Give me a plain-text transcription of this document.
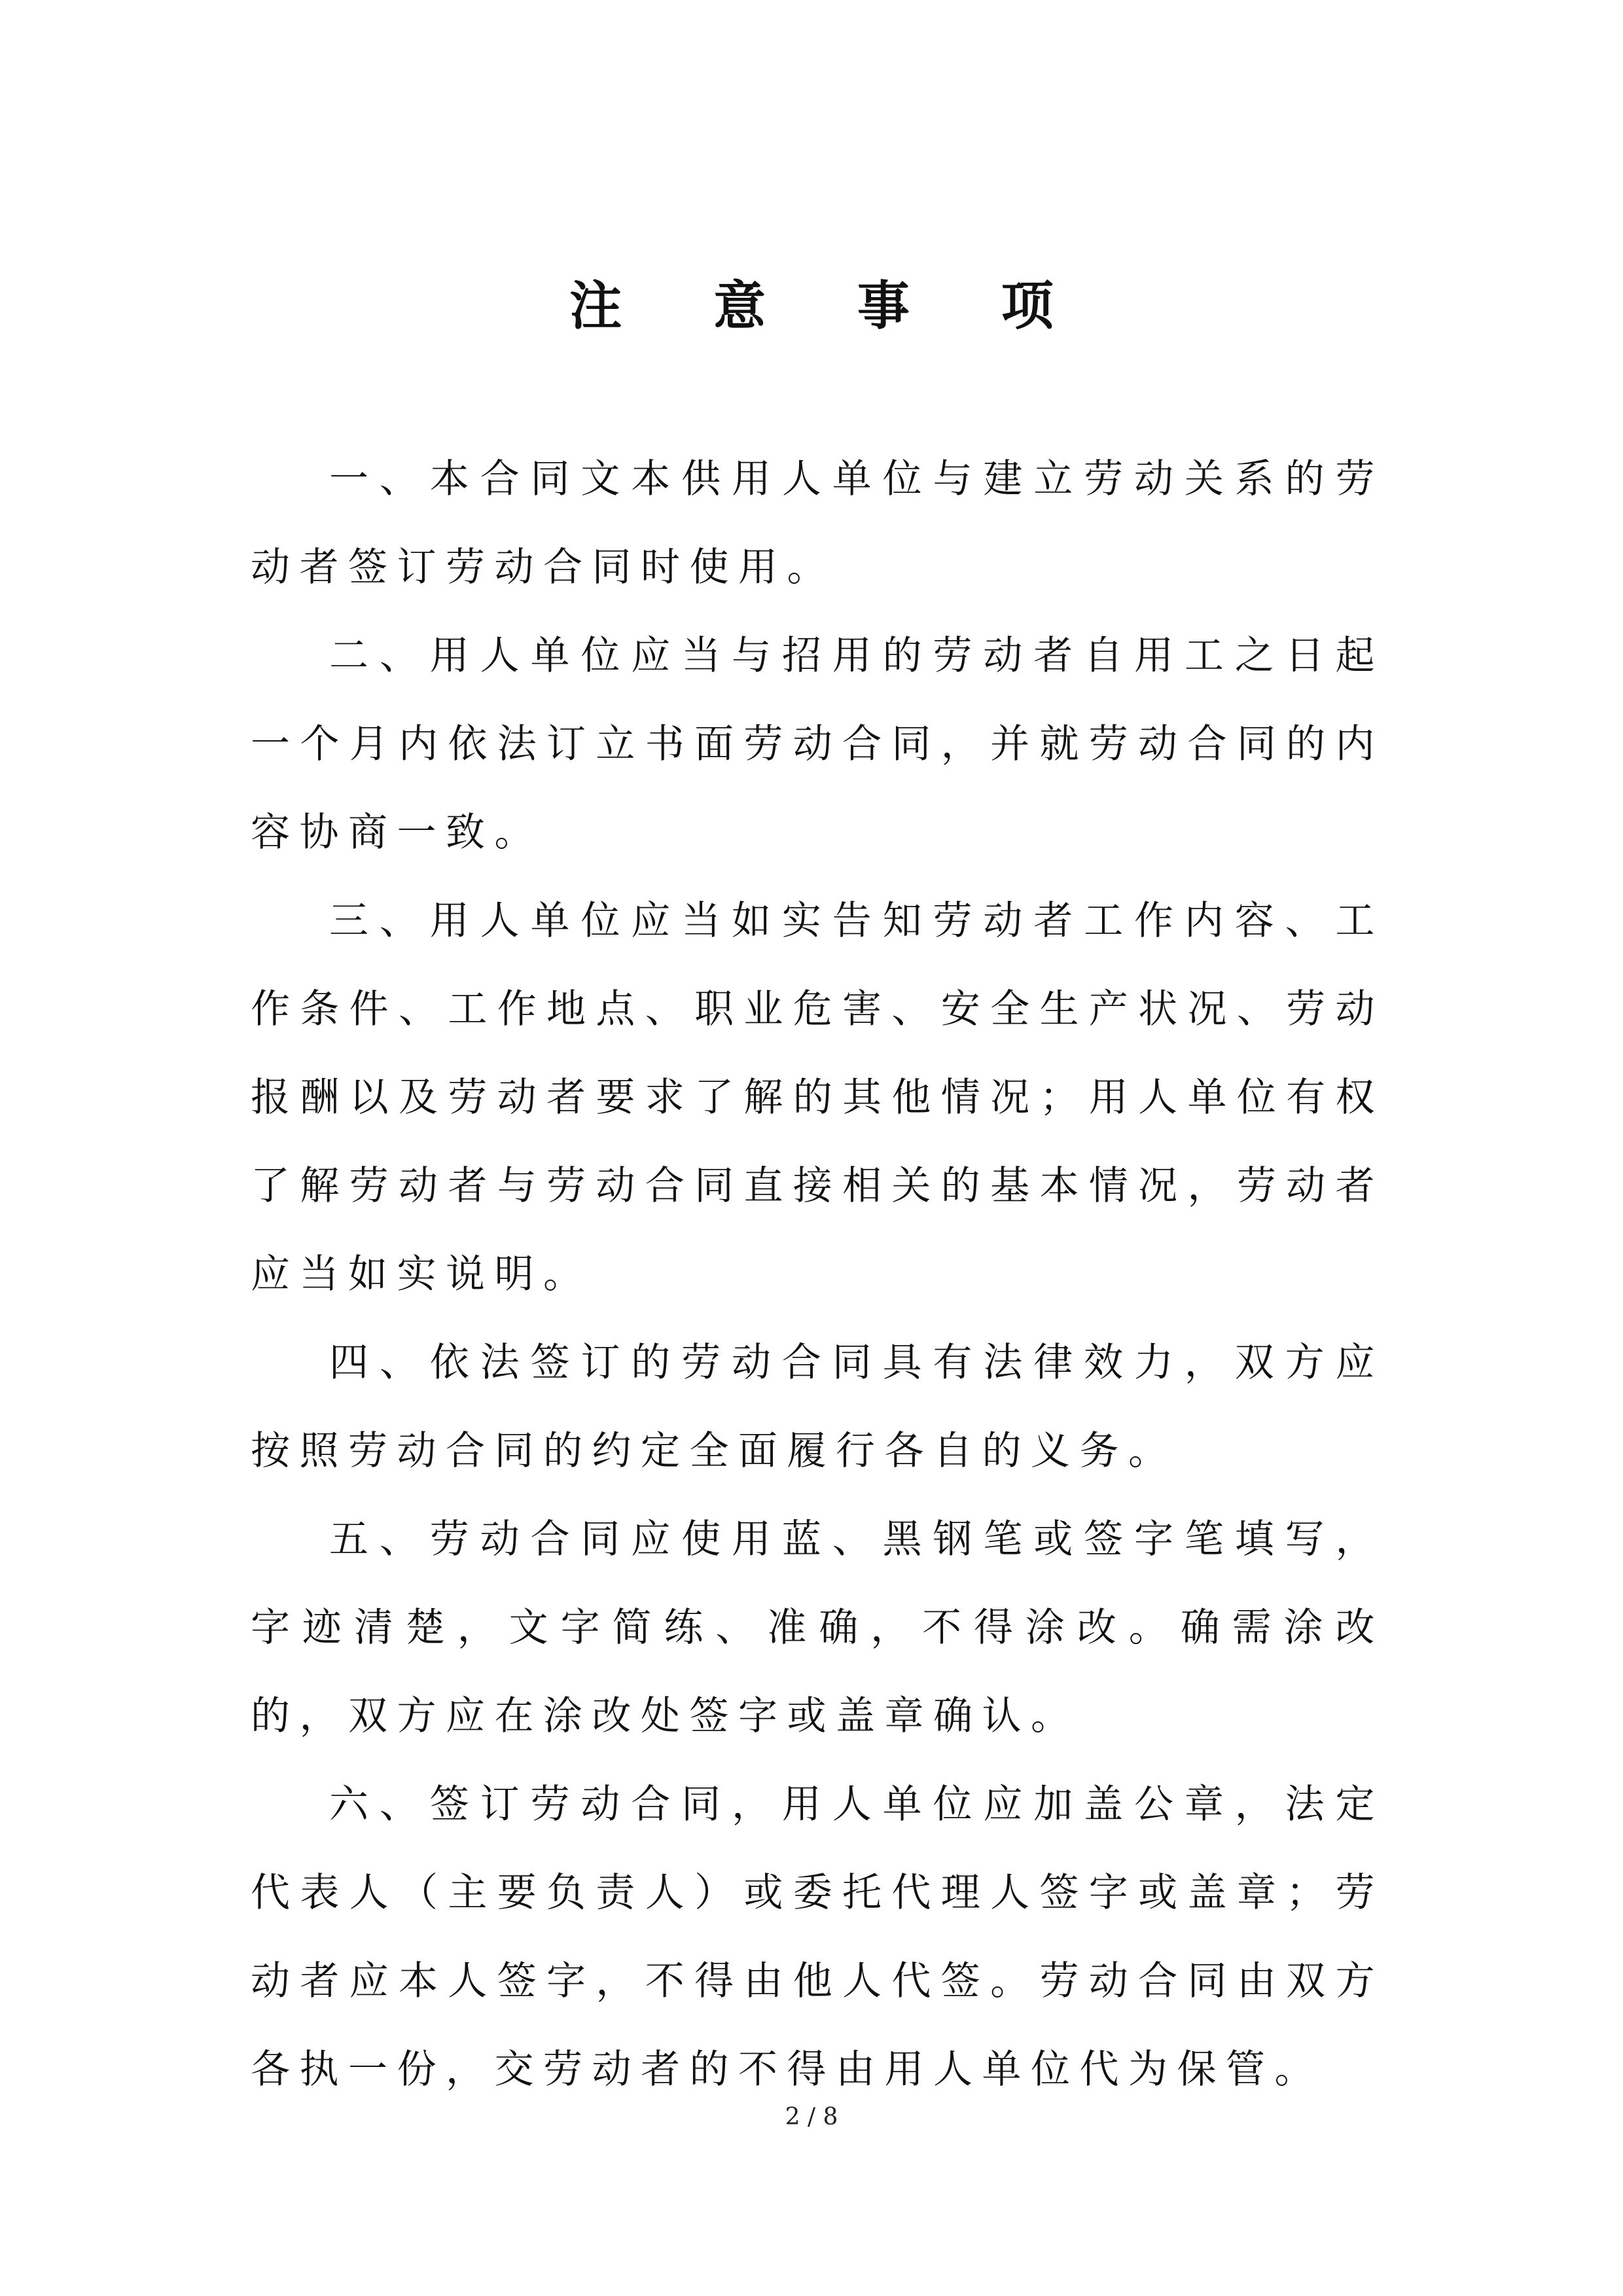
注 意 事 项

一、本合同文本供用人单位与建立劳动关系的劳动者签订劳动合同时使用。

二、用人单位应当与招用的劳动者自用工之日起一个月内依法订立书面劳动合同，并就劳动合同的内容协商一致。

三、用人单位应当如实告知劳动者工作内容、工作条件、工作地点、职业危害、安全生产状况、劳动报酬以及劳动者要求了解的其他情况；用人单位有权了解劳动者与劳动合同直接相关的基本情况，劳动者应当如实说明。

四、依法签订的劳动合同具有法律效力，双方应按照劳动合同的约定全面履行各自的义务。

五、劳动合同应使用蓝、黑钢笔或签字笔填写，字迹清楚，文字简练、准确，不得涂改。确需涂改的，双方应在涂改处签字或盖章确认。

六、签订劳动合同，用人单位应加盖公章，法定代表人（主要负责人）或委托代理人签字或盖章；劳动者应本人签字，不得由他人代签。劳动合同由双方各执一份，交劳动者的不得由用人单位代为保管。

2 / 8
